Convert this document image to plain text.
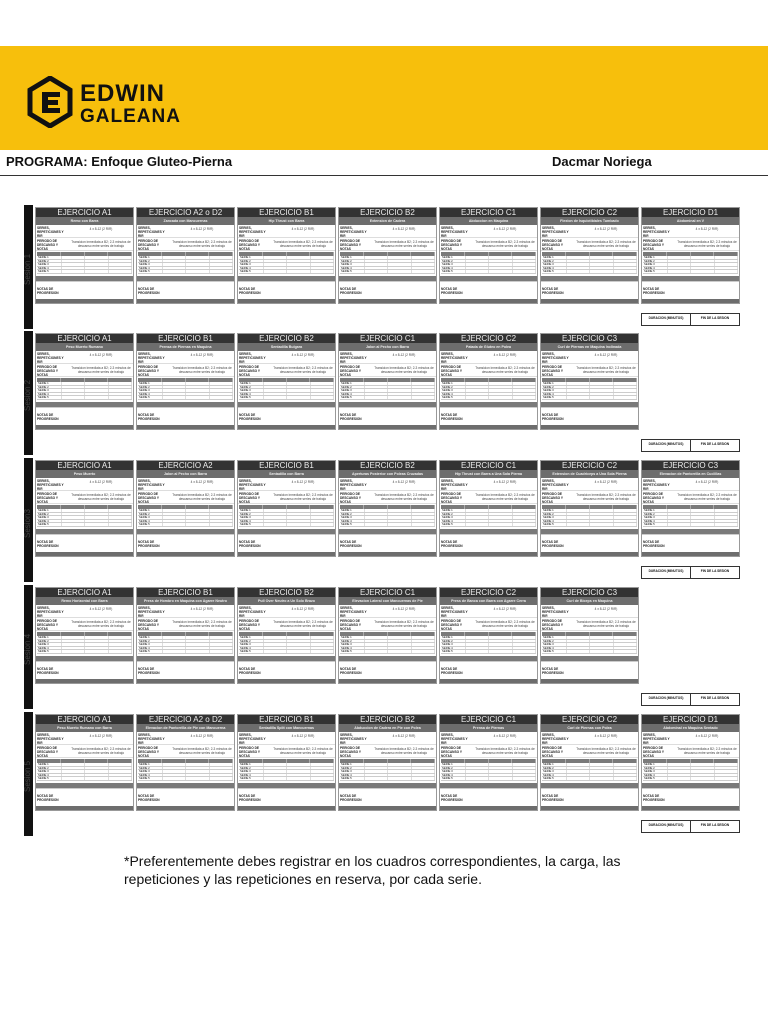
EDWIN
GALEANA
PROGRAMA: Enfoque Gluteo-Pierna	Dacmar Noriega
Sesion 1
EJERCICIO A1
Remo con Barra
SERIES, REPETICIONES Y RIR
4 x 8-12 (2 RIR)
PERIODO DE DESCANSO Y NOTAS
Transicion inmediata a B2; 2-3 minutos de descanso entre series de trabajo
SERIE 1
SERIE 2
SERIE 3
SERIE 4
SERIE 5
NOTAS DE PROGRESION
EJERCICIO A2 o D2
Zancada con Mancuernas
SERIES, REPETICIONES Y RIR
4 x 8-12 (2 RIR)
PERIODO DE DESCANSO Y NOTAS
Transicion inmediata a B2; 2-3 minutos de descanso entre series de trabajo
SERIE 1
SERIE 2
SERIE 3
SERIE 4
SERIE 5
NOTAS DE PROGRESION
EJERCICIO B1
Hip Thrust con Barra
SERIES, REPETICIONES Y RIR
4 x 8-12 (2 RIR)
PERIODO DE DESCANSO Y NOTAS
Transicion inmediata a B2; 2-3 minutos de descanso entre series de trabajo
SERIE 1
SERIE 2
SERIE 3
SERIE 4
SERIE 5
NOTAS DE PROGRESION
EJERCICIO B2
Extension de Cadera
SERIES, REPETICIONES Y RIR
4 x 8-12 (2 RIR)
PERIODO DE DESCANSO Y NOTAS
Transicion inmediata a B2; 2-3 minutos de descanso entre series de trabajo
SERIE 1
SERIE 2
SERIE 3
SERIE 4
SERIE 5
NOTAS DE PROGRESION
EJERCICIO C1
Abduccion en Maquina
SERIES, REPETICIONES Y RIR
4 x 8-12 (2 RIR)
PERIODO DE DESCANSO Y NOTAS
Transicion inmediata a B2; 2-3 minutos de descanso entre series de trabajo
SERIE 1
SERIE 2
SERIE 3
SERIE 4
SERIE 5
NOTAS DE PROGRESION
EJERCICIO C2
Flexion de Isquiotibiales Tumbado
SERIES, REPETICIONES Y RIR
4 x 8-12 (2 RIR)
PERIODO DE DESCANSO Y NOTAS
Transicion inmediata a B2; 2-3 minutos de descanso entre series de trabajo
SERIE 1
SERIE 2
SERIE 3
SERIE 4
SERIE 5
NOTAS DE PROGRESION
EJERCICIO D1
Abdominal en V
SERIES, REPETICIONES Y RIR
4 x 8-12 (2 RIR)
PERIODO DE DESCANSO Y NOTAS
Transicion inmediata a B2; 2-3 minutos de descanso entre series de trabajo
SERIE 1
SERIE 2
SERIE 3
SERIE 4
SERIE 5
NOTAS DE PROGRESION
DURACION (MINUTOS)	FIN DE LA SESION
Sesion 2
EJERCICIO A1
Peso Muerto Rumano
SERIES, REPETICIONES Y RIR
4 x 8-12 (2 RIR)
PERIODO DE DESCANSO Y NOTAS
Transicion inmediata a B2; 2-3 minutos de descanso entre series de trabajo
SERIE 1
SERIE 2
SERIE 3
SERIE 4
SERIE 5
NOTAS DE PROGRESION
EJERCICIO B1
Prensa de Piernas en Maquina
SERIES, REPETICIONES Y RIR
4 x 8-12 (2 RIR)
PERIODO DE DESCANSO Y NOTAS
Transicion inmediata a B2; 2-3 minutos de descanso entre series de trabajo
SERIE 1
SERIE 2
SERIE 3
SERIE 4
SERIE 5
NOTAS DE PROGRESION
EJERCICIO B2
Sentadilla Bulgara
SERIES, REPETICIONES Y RIR
4 x 8-12 (2 RIR)
PERIODO DE DESCANSO Y NOTAS
Transicion inmediata a B2; 2-3 minutos de descanso entre series de trabajo
SERIE 1
SERIE 2
SERIE 3
SERIE 4
SERIE 5
NOTAS DE PROGRESION
EJERCICIO C1
Jalon al Pecho con Barra
SERIES, REPETICIONES Y RIR
4 x 8-12 (2 RIR)
PERIODO DE DESCANSO Y NOTAS
Transicion inmediata a B2; 2-3 minutos de descanso entre series de trabajo
SERIE 1
SERIE 2
SERIE 3
SERIE 4
SERIE 5
NOTAS DE PROGRESION
EJERCICIO C2
Patada de Gluteo en Polea
SERIES, REPETICIONES Y RIR
4 x 8-12 (2 RIR)
PERIODO DE DESCANSO Y NOTAS
Transicion inmediata a B2; 2-3 minutos de descanso entre series de trabajo
SERIE 1
SERIE 2
SERIE 3
SERIE 4
SERIE 5
NOTAS DE PROGRESION
EJERCICIO C3
Curl de Piernas en Maquina Inclinada
SERIES, REPETICIONES Y RIR
4 x 8-12 (2 RIR)
PERIODO DE DESCANSO Y NOTAS
Transicion inmediata a B2; 2-3 minutos de descanso entre series de trabajo
SERIE 1
SERIE 2
SERIE 3
SERIE 4
SERIE 5
NOTAS DE PROGRESION
DURACION (MINUTOS)	FIN DE LA SESION
Sesion3
EJERCICIO A1
Peso Muerto
SERIES, REPETICIONES Y RIR
4 x 8-12 (2 RIR)
PERIODO DE DESCANSO Y NOTAS
Transicion inmediata a B2; 2-3 minutos de descanso entre series de trabajo
SERIE 1
SERIE 2
SERIE 3
SERIE 4
SERIE 5
NOTAS DE PROGRESION
EJERCICIO A2
Jalon al Pecho con Barra
SERIES, REPETICIONES Y RIR
4 x 8-12 (2 RIR)
PERIODO DE DESCANSO Y NOTAS
Transicion inmediata a B2; 2-3 minutos de descanso entre series de trabajo
SERIE 1
SERIE 2
SERIE 3
SERIE 4
SERIE 5
NOTAS DE PROGRESION
EJERCICIO B1
Sentadilla con Barra
SERIES, REPETICIONES Y RIR
4 x 8-12 (2 RIR)
PERIODO DE DESCANSO Y NOTAS
Transicion inmediata a B2; 2-3 minutos de descanso entre series de trabajo
SERIE 1
SERIE 2
SERIE 3
SERIE 4
SERIE 5
NOTAS DE PROGRESION
EJERCICIO B2
Aperturas Posterior con Poleas Cruzadas
SERIES, REPETICIONES Y RIR
4 x 8-12 (2 RIR)
PERIODO DE DESCANSO Y NOTAS
Transicion inmediata a B2; 2-3 minutos de descanso entre series de trabajo
SERIE 1
SERIE 2
SERIE 3
SERIE 4
SERIE 5
NOTAS DE PROGRESION
EJERCICIO C1
Hip Thrust con Barra a Una Sola Pierna
SERIES, REPETICIONES Y RIR
4 x 8-12 (2 RIR)
PERIODO DE DESCANSO Y NOTAS
Transicion inmediata a B2; 2-3 minutos de descanso entre series de trabajo
SERIE 1
SERIE 2
SERIE 3
SERIE 4
SERIE 5
NOTAS DE PROGRESION
EJERCICIO C2
Extension de Cuadriceps a Una Sola Pierna
SERIES, REPETICIONES Y RIR
4 x 8-12 (2 RIR)
PERIODO DE DESCANSO Y NOTAS
Transicion inmediata a B2; 2-3 minutos de descanso entre series de trabajo
SERIE 1
SERIE 2
SERIE 3
SERIE 4
SERIE 5
NOTAS DE PROGRESION
EJERCICIO C3
Elevacion de Pantorrilla en Cuclillas
SERIES, REPETICIONES Y RIR
4 x 8-12 (2 RIR)
PERIODO DE DESCANSO Y NOTAS
Transicion inmediata a B2; 2-3 minutos de descanso entre series de trabajo
SERIE 1
SERIE 2
SERIE 3
SERIE 4
SERIE 5
NOTAS DE PROGRESION
DURACION (MINUTOS)	FIN DE LA SESION
Sesion 4
EJERCICIO A1
Remo Horizontal con Barra
SERIES, REPETICIONES Y RIR
4 x 8-12 (2 RIR)
PERIODO DE DESCANSO Y NOTAS
Transicion inmediata a B2; 2-3 minutos de descanso entre series de trabajo
SERIE 1
SERIE 2
SERIE 3
SERIE 4
SERIE 5
NOTAS DE PROGRESION
EJERCICIO B1
Press de Hombro en Maquina con Agarre Neutro
SERIES, REPETICIONES Y RIR
4 x 8-12 (2 RIR)
PERIODO DE DESCANSO Y NOTAS
Transicion inmediata a B2; 2-3 minutos de descanso entre series de trabajo
SERIE 1
SERIE 2
SERIE 3
SERIE 4
SERIE 5
NOTAS DE PROGRESION
EJERCICIO B2
Pull Over Neutro a Un Solo Brazo
SERIES, REPETICIONES Y RIR
4 x 8-12 (2 RIR)
PERIODO DE DESCANSO Y NOTAS
Transicion inmediata a B2; 2-3 minutos de descanso entre series de trabajo
SERIE 1
SERIE 2
SERIE 3
SERIE 4
SERIE 5
NOTAS DE PROGRESION
EJERCICIO C1
Elevacion Lateral con Mancuernas de Pie
SERIES, REPETICIONES Y RIR
4 x 8-12 (2 RIR)
PERIODO DE DESCANSO Y NOTAS
Transicion inmediata a B2; 2-3 minutos de descanso entre series de trabajo
SERIE 1
SERIE 2
SERIE 3
SERIE 4
SERIE 5
NOTAS DE PROGRESION
EJERCICIO C2
Press de Banca con Barra con Agarre Cerra
SERIES, REPETICIONES Y RIR
4 x 8-12 (2 RIR)
PERIODO DE DESCANSO Y NOTAS
Transicion inmediata a B2; 2-3 minutos de descanso entre series de trabajo
SERIE 1
SERIE 2
SERIE 3
SERIE 4
SERIE 5
NOTAS DE PROGRESION
EJERCICIO C3
Curl de Biceps en Maquina
SERIES, REPETICIONES Y RIR
4 x 8-12 (2 RIR)
PERIODO DE DESCANSO Y NOTAS
Transicion inmediata a B2; 2-3 minutos de descanso entre series de trabajo
SERIE 1
SERIE 2
SERIE 3
SERIE 4
SERIE 5
NOTAS DE PROGRESION
DURACION (MINUTOS)	FIN DE LA SESION
Sesion 5
EJERCICIO A1
Peso Muerto Rumano con Barra
SERIES, REPETICIONES Y RIR
4 x 8-12 (2 RIR)
PERIODO DE DESCANSO Y NOTAS
Transicion inmediata a B2; 2-3 minutos de descanso entre series de trabajo
SERIE 1
SERIE 2
SERIE 3
SERIE 4
SERIE 5
NOTAS DE PROGRESION
EJERCICIO A2 o D2
Elevacion de Pantorrilla de Pie con Mancuerna
SERIES, REPETICIONES Y RIR
4 x 8-12 (2 RIR)
PERIODO DE DESCANSO Y NOTAS
Transicion inmediata a B2; 2-3 minutos de descanso entre series de trabajo
SERIE 1
SERIE 2
SERIE 3
SERIE 4
SERIE 5
NOTAS DE PROGRESION
EJERCICIO B1
Sentadilla Split con Mancuernas
SERIES, REPETICIONES Y RIR
4 x 8-12 (2 RIR)
PERIODO DE DESCANSO Y NOTAS
Transicion inmediata a B2; 2-3 minutos de descanso entre series de trabajo
SERIE 1
SERIE 2
SERIE 3
SERIE 4
SERIE 5
NOTAS DE PROGRESION
EJERCICIO B2
Abduccion de Cadera en Pie con Polea
SERIES, REPETICIONES Y RIR
4 x 8-12 (2 RIR)
PERIODO DE DESCANSO Y NOTAS
Transicion inmediata a B2; 2-3 minutos de descanso entre series de trabajo
SERIE 1
SERIE 2
SERIE 3
SERIE 4
SERIE 5
NOTAS DE PROGRESION
EJERCICIO C1
Prensa de Piernas
SERIES, REPETICIONES Y RIR
4 x 8-12 (2 RIR)
PERIODO DE DESCANSO Y NOTAS
Transicion inmediata a B2; 2-3 minutos de descanso entre series de trabajo
SERIE 1
SERIE 2
SERIE 3
SERIE 4
SERIE 5
NOTAS DE PROGRESION
EJERCICIO C2
Curl de Piernas con Polea
SERIES, REPETICIONES Y RIR
4 x 8-12 (2 RIR)
PERIODO DE DESCANSO Y NOTAS
Transicion inmediata a B2; 2-3 minutos de descanso entre series de trabajo
SERIE 1
SERIE 2
SERIE 3
SERIE 4
SERIE 5
NOTAS DE PROGRESION
EJERCICIO D1
Abdominal en Maquina Sentado
SERIES, REPETICIONES Y RIR
4 x 8-12 (2 RIR)
PERIODO DE DESCANSO Y NOTAS
Transicion inmediata a B2; 2-3 minutos de descanso entre series de trabajo
SERIE 1
SERIE 2
SERIE 3
SERIE 4
SERIE 5
NOTAS DE PROGRESION
DURACION (MINUTOS)	FIN DE LA SESION
*Preferentemente debes registrar en los cuadros correspondientes, la carga, las repeticiones y las repeticiones en reserva, por cada serie.
